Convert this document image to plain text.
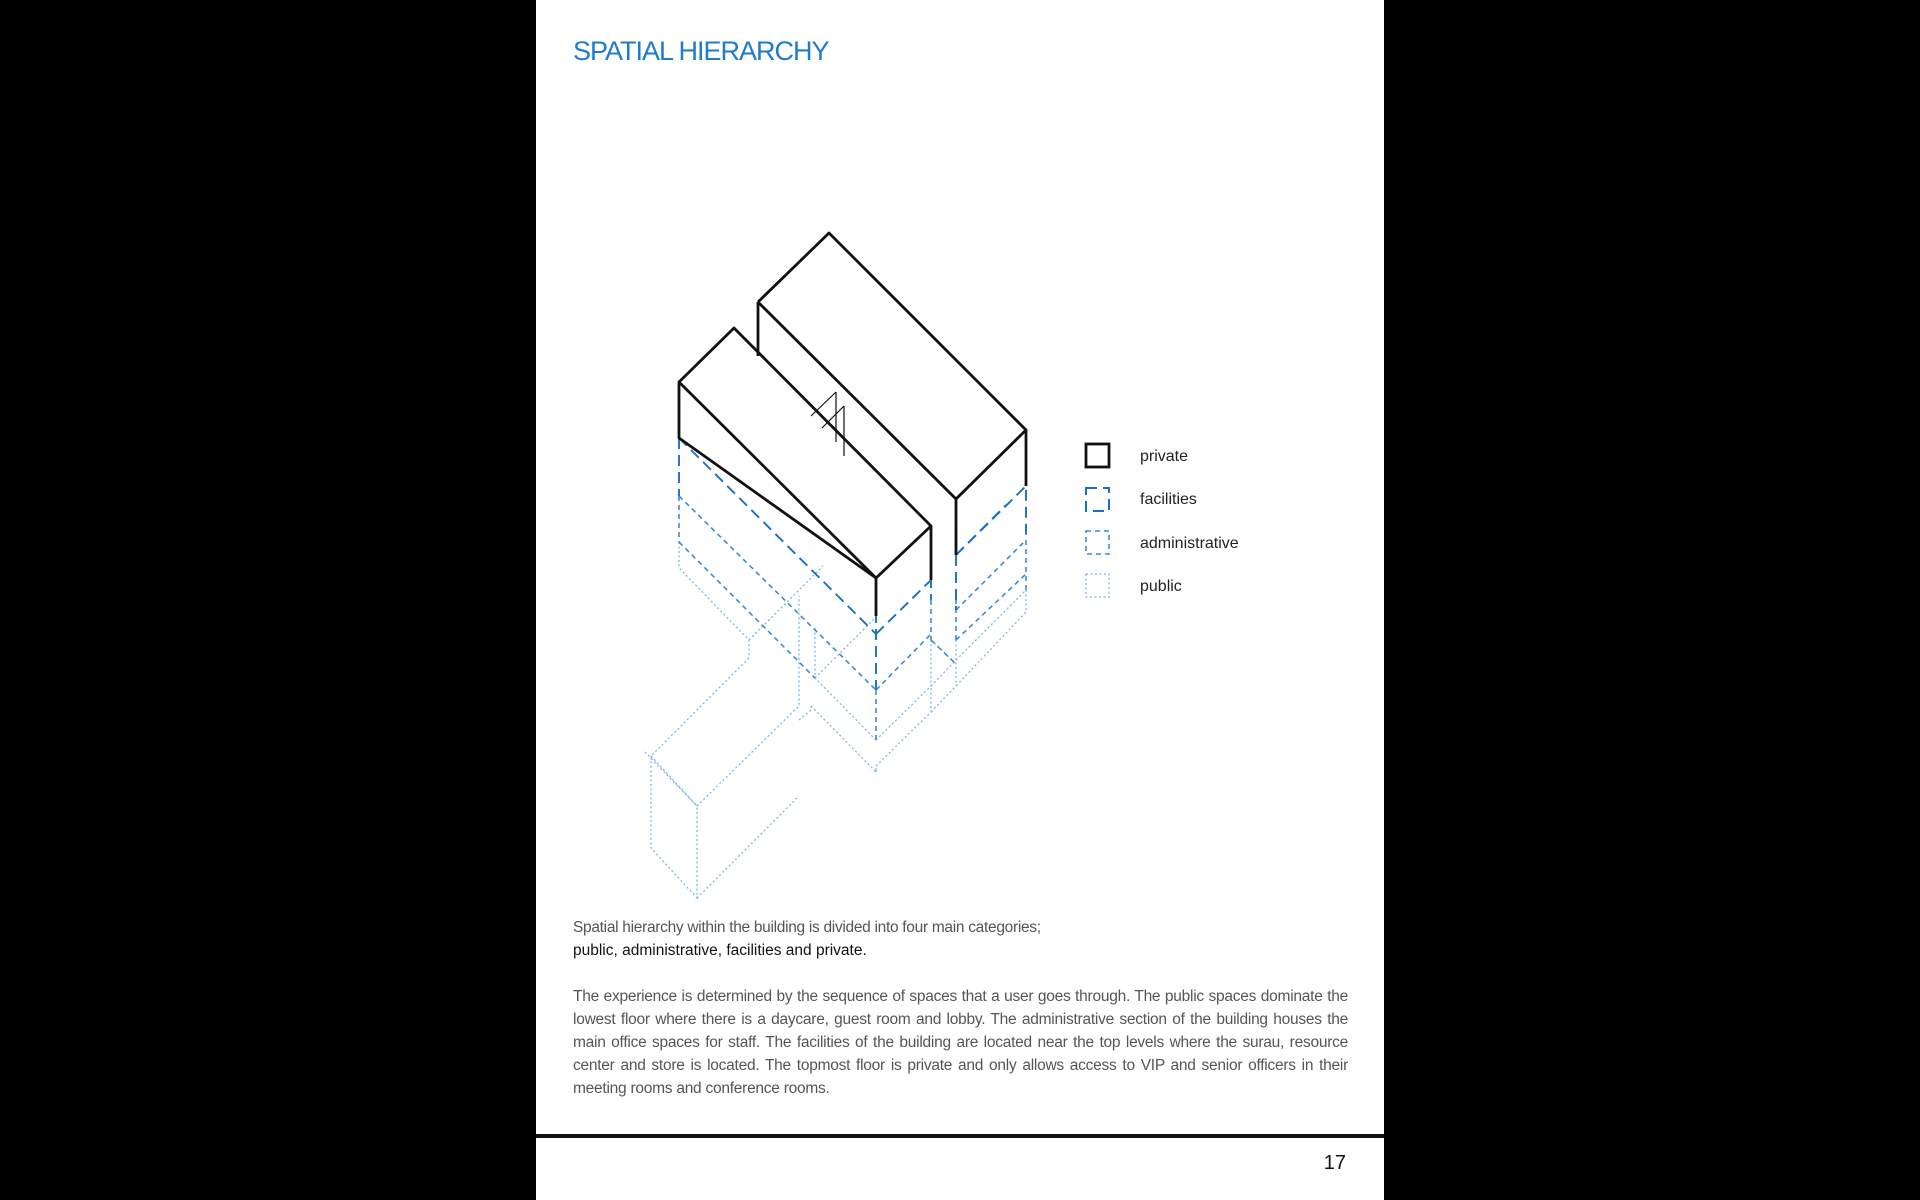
SPATIAL HIERARCHY
private
facilities
administrative
public

Spatial hierarchy within the building is divided into four main categories;
public, administrative, facilities and private.

The experience is determined by the sequence of spaces that a user goes through. The public spaces dominate the lowest floor where there is a daycare, guest room and lobby. The administrative section of the building houses the main office spaces for staff. The facilities of the building are located near the top levels where the surau, resource center and store is located. The topmost floor is private and only allows access to VIP and senior officers in their meeting rooms and conference rooms.

17
